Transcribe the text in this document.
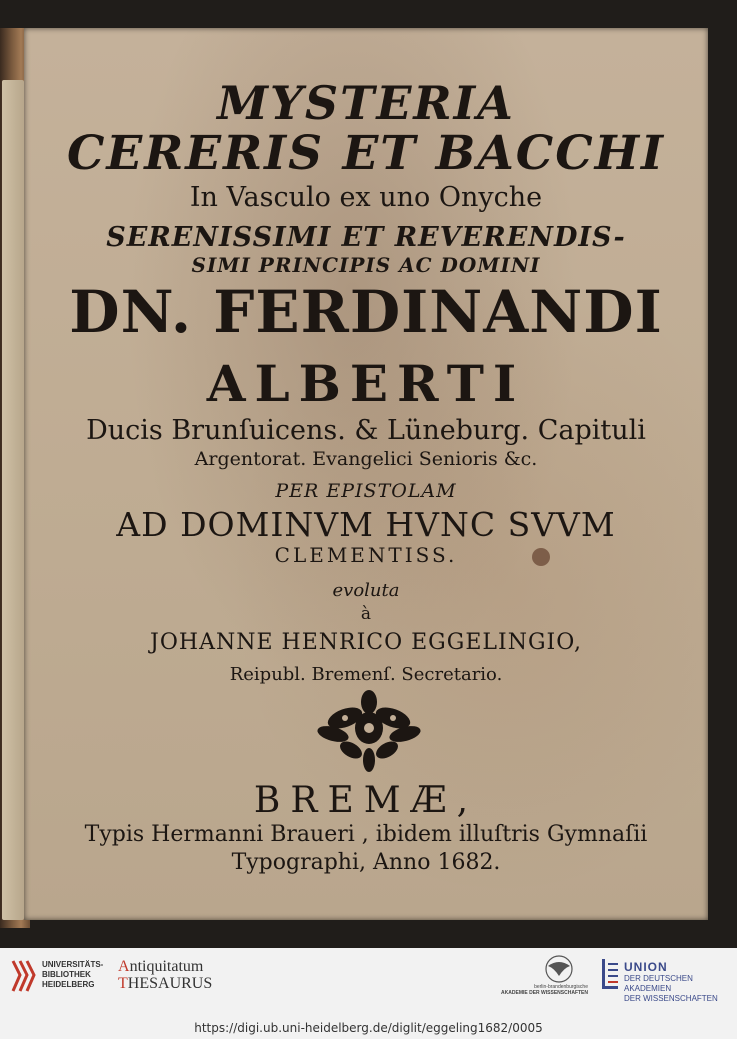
MYSTERIA
CERERIS ET BACCHI
In Vasculo ex uno Onyche
SERENISSIMI ET REVERENDIS-
SIMI PRINCIPIS AC DOMINI
DN. FERDINANDI
ALBERTI
Ducis Brunſuicens. & Lüneburg. Capituli
Argentorat. Evangelici Senioris &c.
PER EPISTOLAM
AD DOMINVM HVNC SVVM
CLEMENTISS.
evoluta
à
JOHANNE HENRICO EGGELINGIO,
Reipubl. Bremenſ. Secretario.
BREMÆ,
Typis Hermanni Braueri , ibidem illuſtris Gymnaſii
Typographi, Anno 1682.
UNIVERSITÄTS-
BIBLIOTHEK
HEIDELBERG
Antiquitatum
THESAURUS	berlin-brandenburgische
AKADEMIE DER WISSENSCHAFTEN
UNION
DER DEUTSCHEN AKADEMIEN
DER WISSENSCHAFTEN
https://digi.ub.uni-heidelberg.de/diglit/eggeling1682/0005
